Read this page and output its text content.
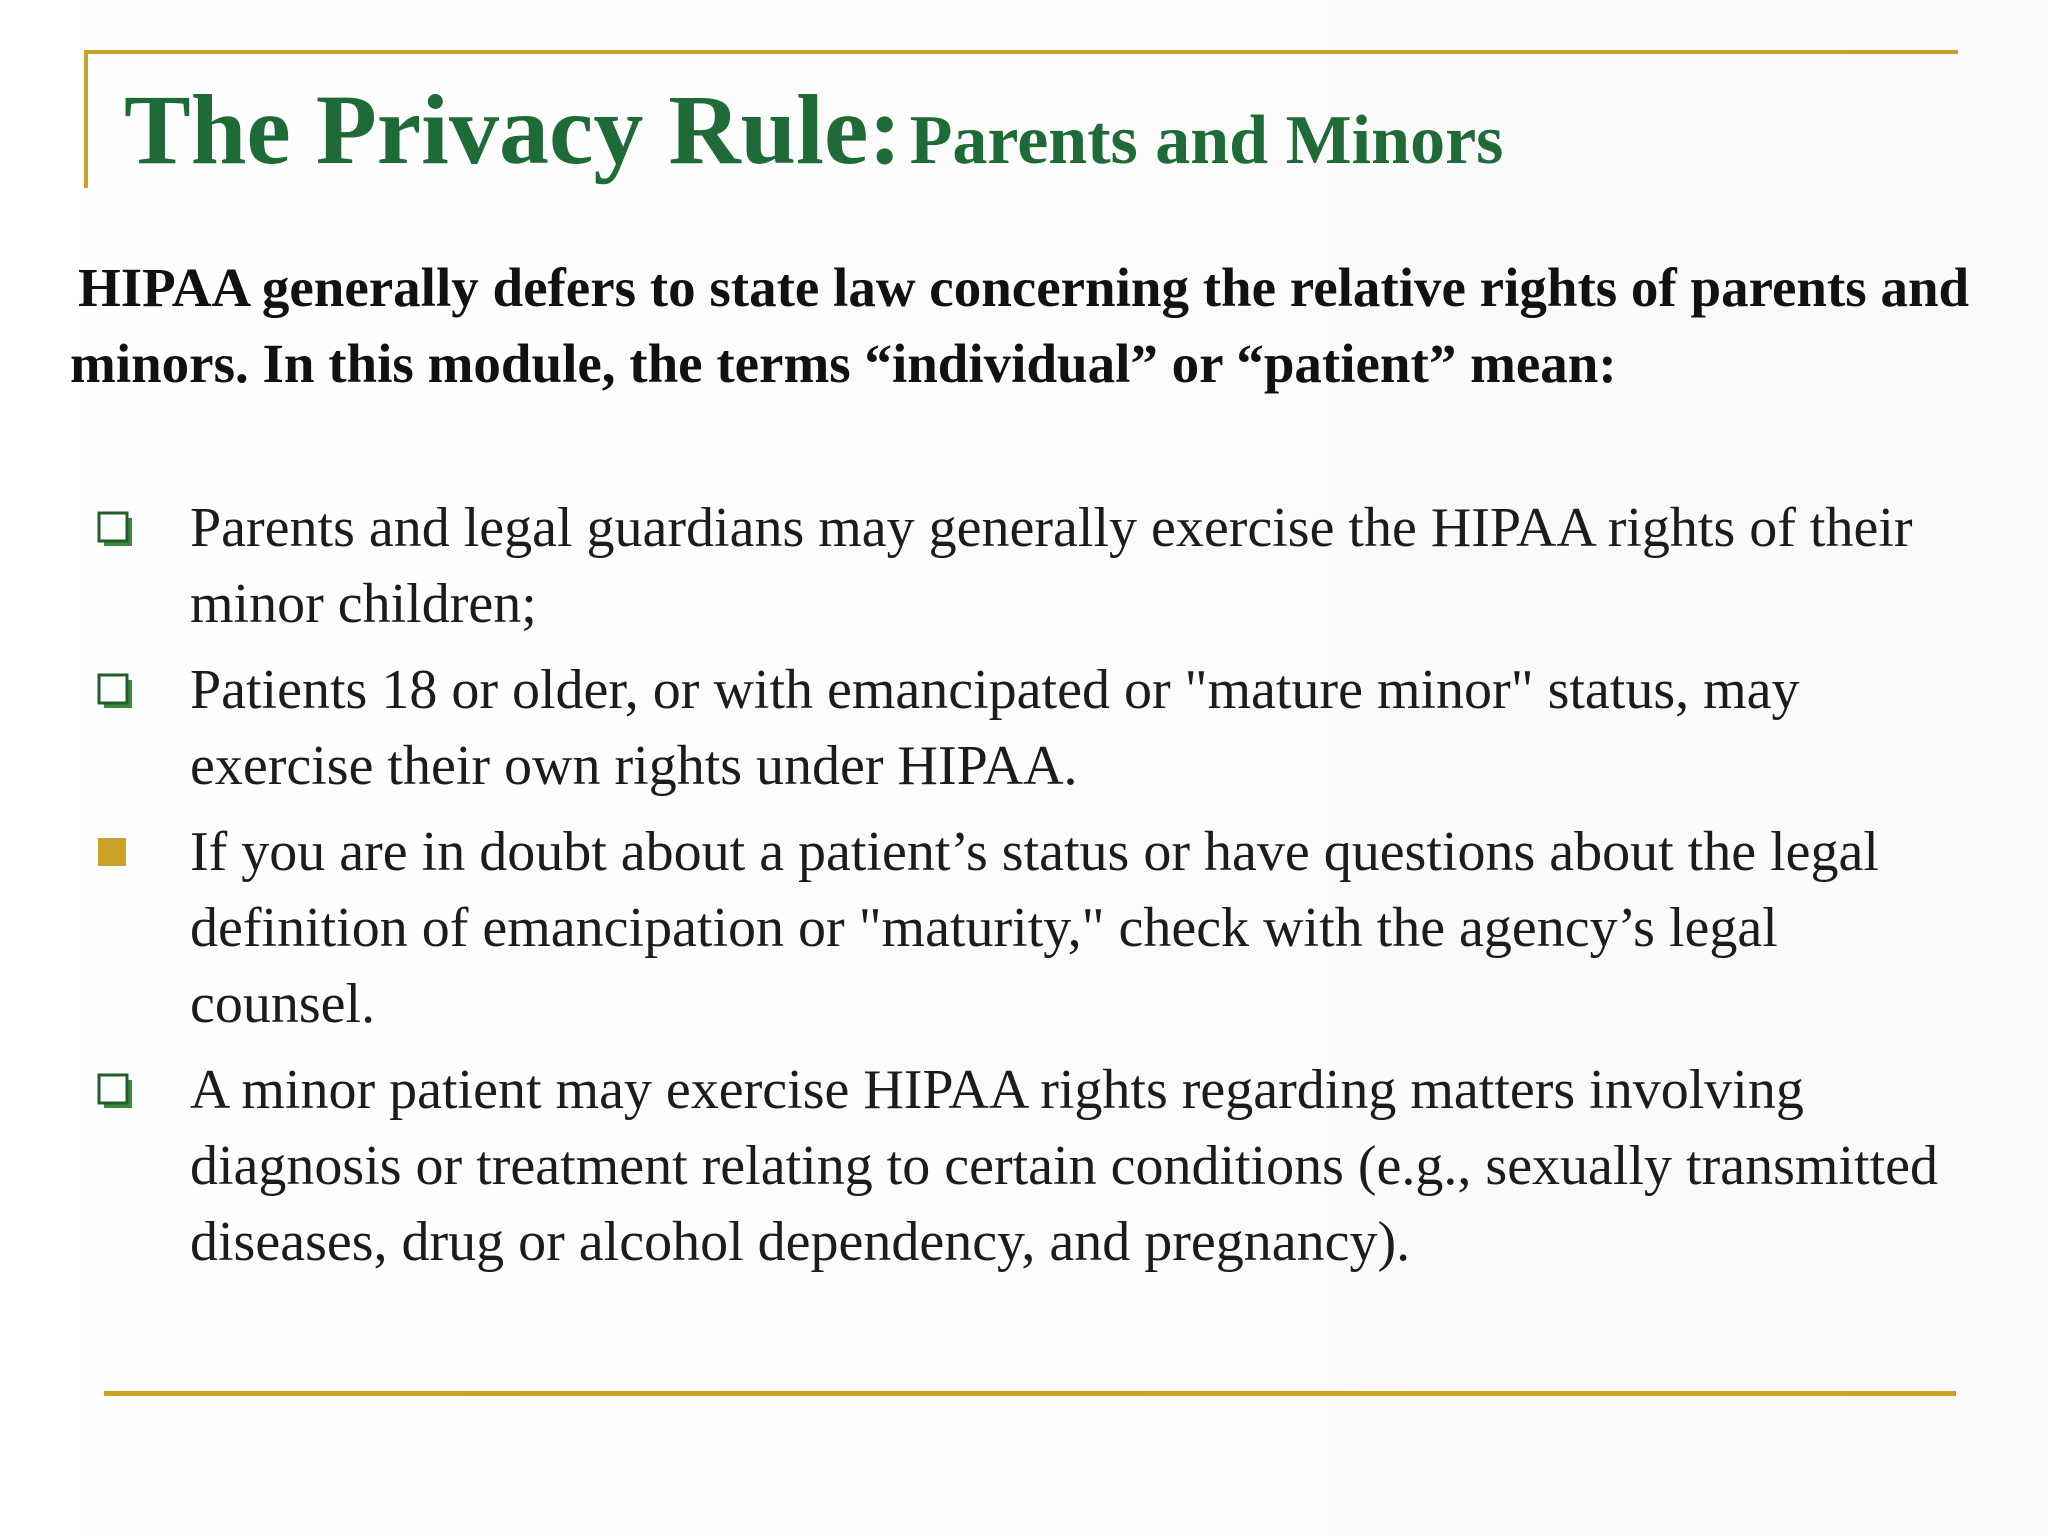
The Privacy Rule: Parents and Minors

HIPAA generally defers to state law concerning the relative rights of parents and minors. In this module, the terms “individual” or “patient” mean:

Parents and legal guardians may generally exercise the HIPAA rights of their minor children;
Patients 18 or older, or with emancipated or "mature minor" status, may exercise their own rights under HIPAA.
If you are in doubt about a patient’s status or have questions about the legal definition of emancipation or "maturity," check with the agency’s legal counsel.
A minor patient may exercise HIPAA rights regarding matters involving diagnosis or treatment relating to certain conditions (e.g., sexually transmitted diseases, drug or alcohol dependency, and pregnancy).
